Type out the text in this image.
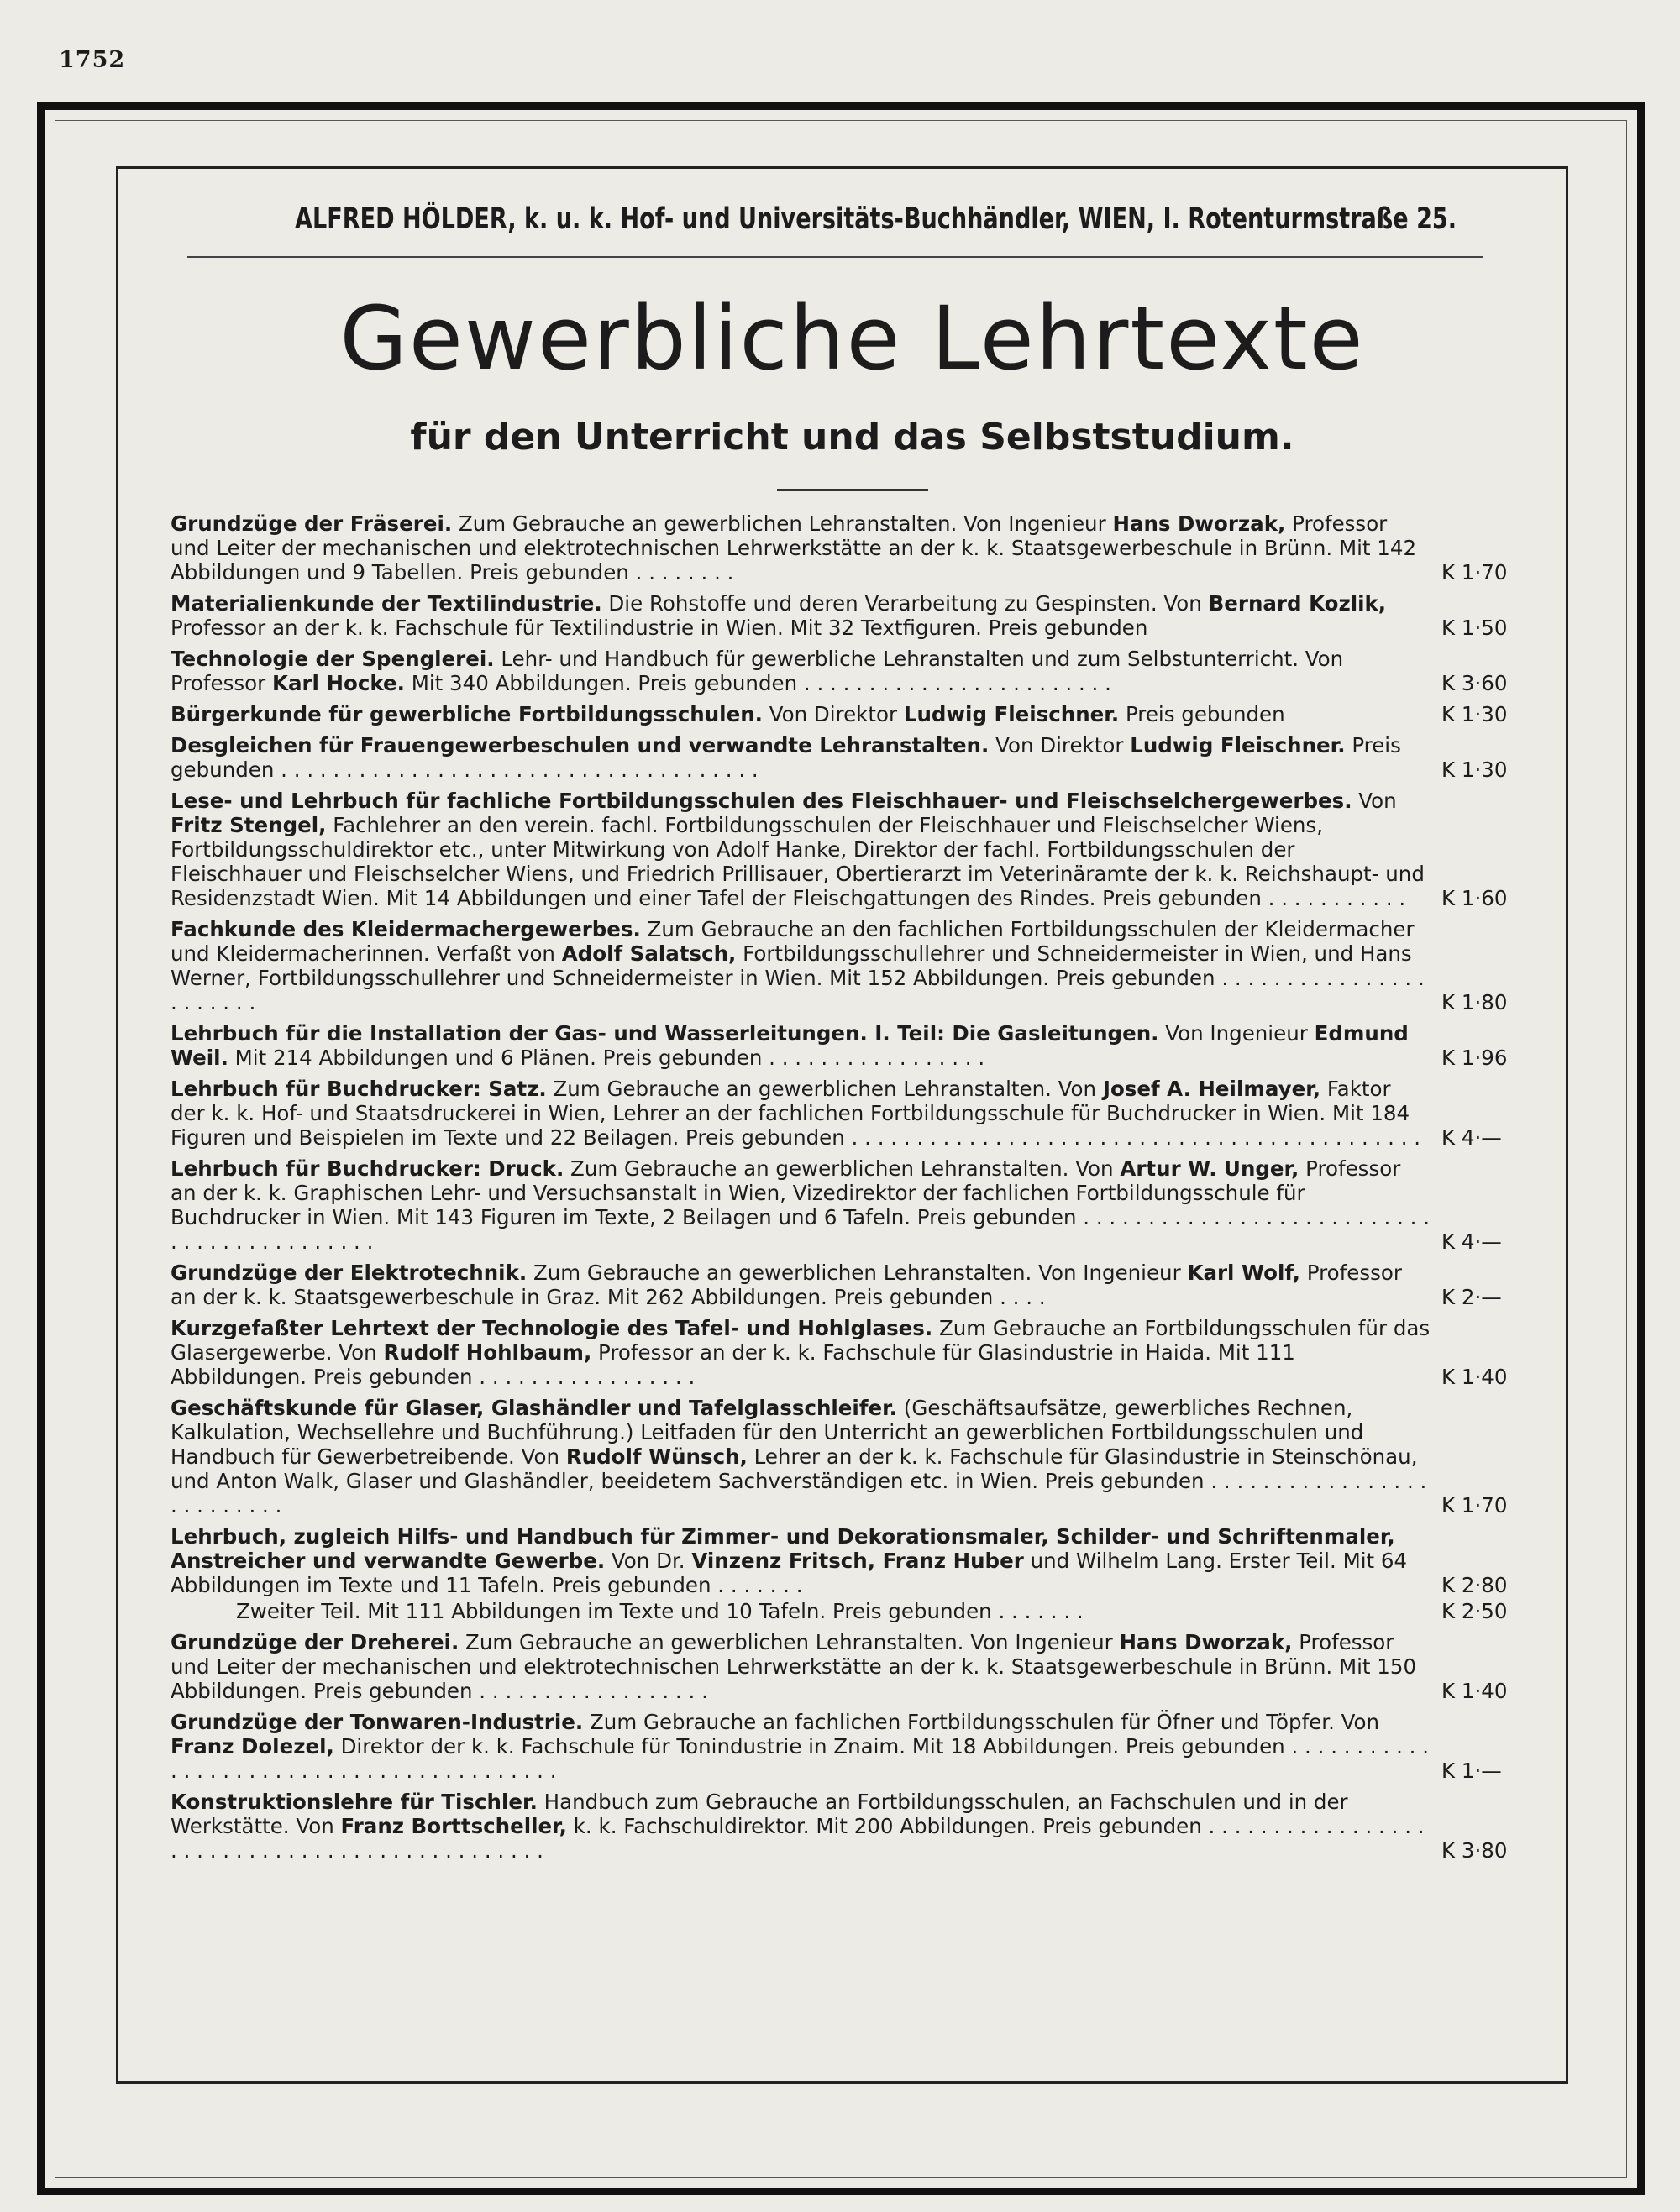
1752
ALFRED HÖLDER, k. u. k. Hof- und Universitäts-Buchhändler, WIEN, I. Rotenturmstraße 25.
Gewerbliche Lehrtexte
für den Unterricht und das Selbststudium.
Grundzüge der Fräserei. Zum Gebrauche an gewerblichen Lehranstalten. Von Ingenieur Hans Dworzak, Professor und Leiter der mechanischen und elektrotechnischen Lehrwerkstätte an der k. k. Staatsgewerbeschule in Brünn. Mit 142 Abbildungen und 9 Tabellen. Preis gebunden . . . . . . . .	K 1·70
Materialienkunde der Textilindustrie. Die Rohstoffe und deren Verarbeitung zu Gespinsten. Von Bernard Kozlik, Professor an der k. k. Fachschule für Textilindustrie in Wien. Mit 32 Textfiguren. Preis gebunden	K 1·50
Technologie der Spenglerei. Lehr- und Handbuch für gewerbliche Lehranstalten und zum Selbstunterricht. Von Professor Karl Hocke. Mit 340 Abbildungen. Preis gebunden . . . . . . . . . . . . . . . . . . . . . . . .	K 3·60
Bürgerkunde für gewerbliche Fortbildungsschulen. Von Direktor Ludwig Fleischner. Preis gebunden	K 1·30
Desgleichen für Frauengewerbeschulen und verwandte Lehranstalten. Von Direktor Ludwig Fleischner. Preis gebunden . . . . . . . . . . . . . . . . . . . . . . . . . . . . . . . . . . . . .	K 1·30
Lese- und Lehrbuch für fachliche Fortbildungsschulen des Fleischhauer- und Fleischselchergewerbes. Von Fritz Stengel, Fachlehrer an den verein. fachl. Fortbildungsschulen der Fleischhauer und Fleischselcher Wiens, Fortbildungsschuldirektor etc., unter Mitwirkung von Adolf Hanke, Direktor der fachl. Fortbildungsschulen der Fleischhauer und Fleischselcher Wiens, und Friedrich Prillisauer, Obertierarzt im Veterinäramte der k. k. Reichshaupt- und Residenzstadt Wien. Mit 14 Abbildungen und einer Tafel der Fleischgattungen des Rindes. Preis gebunden . . . . . . . . . . .	K 1·60
Fachkunde des Kleidermachergewerbes. Zum Gebrauche an den fachlichen Fortbildungsschulen der Kleidermacher und Kleidermacherinnen. Verfaßt von Adolf Salatsch, Fortbildungsschullehrer und Schneidermeister in Wien, und Hans Werner, Fortbildungsschullehrer und Schneidermeister in Wien. Mit 152 Abbildungen. Preis gebunden . . . . . . . . . . . . . . . . . . . . . . .	K 1·80
Lehrbuch für die Installation der Gas- und Wasserleitungen. I. Teil: Die Gasleitungen. Von Ingenieur Edmund Weil. Mit 214 Abbildungen und 6 Plänen. Preis gebunden . . . . . . . . . . . . . . . . .	K 1·96
Lehrbuch für Buchdrucker: Satz. Zum Gebrauche an gewerblichen Lehranstalten. Von Josef A. Heilmayer, Faktor der k. k. Hof- und Staatsdruckerei in Wien, Lehrer an der fachlichen Fortbildungsschule für Buchdrucker in Wien. Mit 184 Figuren und Beispielen im Texte und 22 Beilagen. Preis gebunden . . . . . . . . . . . . . . . . . . . . . . . . . . . . . . . . . . . . . . . . . . . .	K 4·—
Lehrbuch für Buchdrucker: Druck. Zum Gebrauche an gewerblichen Lehranstalten. Von Artur W. Unger, Professor an der k. k. Graphischen Lehr- und Versuchsanstalt in Wien, Vizedirektor der fachlichen Fortbildungsschule für Buchdrucker in Wien. Mit 143 Figuren im Texte, 2 Beilagen und 6 Tafeln. Preis gebunden . . . . . . . . . . . . . . . . . . . . . . . . . . . . . . . . . . . . . . . . . . .	K 4·—
Grundzüge der Elektrotechnik. Zum Gebrauche an gewerblichen Lehranstalten. Von Ingenieur Karl Wolf, Professor an der k. k. Staatsgewerbeschule in Graz. Mit 262 Abbildungen. Preis gebunden . . . .	K 2·—
Kurzgefaßter Lehrtext der Technologie des Tafel- und Hohlglases. Zum Gebrauche an Fortbildungsschulen für das Glasergewerbe. Von Rudolf Hohlbaum, Professor an der k. k. Fachschule für Glasindustrie in Haida. Mit 111 Abbildungen. Preis gebunden . . . . . . . . . . . . . . . . .	K 1·40
Geschäftskunde für Glaser, Glashändler und Tafelglasschleifer. (Geschäftsaufsätze, gewerbliches Rechnen, Kalkulation, Wechsellehre und Buchführung.) Leitfaden für den Unterricht an gewerblichen Fortbildungsschulen und Handbuch für Gewerbetreibende. Von Rudolf Wünsch, Lehrer an der k. k. Fachschule für Glasindustrie in Steinschönau, und Anton Walk, Glaser und Glashändler, beeidetem Sachverständigen etc. in Wien. Preis gebunden . . . . . . . . . . . . . . . . . . . . . . . . . .	K 1·70
Lehrbuch, zugleich Hilfs- und Handbuch für Zimmer- und Dekorationsmaler, Schilder- und Schriftenmaler, Anstreicher und verwandte Gewerbe. Von Dr. Vinzenz Fritsch, Franz Huber und Wilhelm Lang. Erster Teil. Mit 64 Abbildungen im Texte und 11 Tafeln. Preis gebunden . . . . . . .	K 2·80
Zweiter Teil. Mit 111 Abbildungen im Texte und 10 Tafeln. Preis gebunden . . . . . . .	K 2·50
Grundzüge der Dreherei. Zum Gebrauche an gewerblichen Lehranstalten. Von Ingenieur Hans Dworzak, Professor und Leiter der mechanischen und elektrotechnischen Lehrwerkstätte an der k. k. Staatsgewerbeschule in Brünn. Mit 150 Abbildungen. Preis gebunden . . . . . . . . . . . . . . . . . .	K 1·40
Grundzüge der Tonwaren-Industrie. Zum Gebrauche an fachlichen Fortbildungsschulen für Öfner und Töpfer. Von Franz Dolezel, Direktor der k. k. Fachschule für Tonindustrie in Znaim. Mit 18 Abbildungen. Preis gebunden . . . . . . . . . . . . . . . . . . . . . . . . . . . . . . . . . . . . . . . . .	K 1·—
Konstruktionslehre für Tischler. Handbuch zum Gebrauche an Fortbildungsschulen, an Fachschulen und in der Werkstätte. Von Franz Borttscheller, k. k. Fachschuldirektor. Mit 200 Abbildungen. Preis gebunden . . . . . . . . . . . . . . . . . . . . . . . . . . . . . . . . . . . . . . . . . . . . . .	K 3·80
